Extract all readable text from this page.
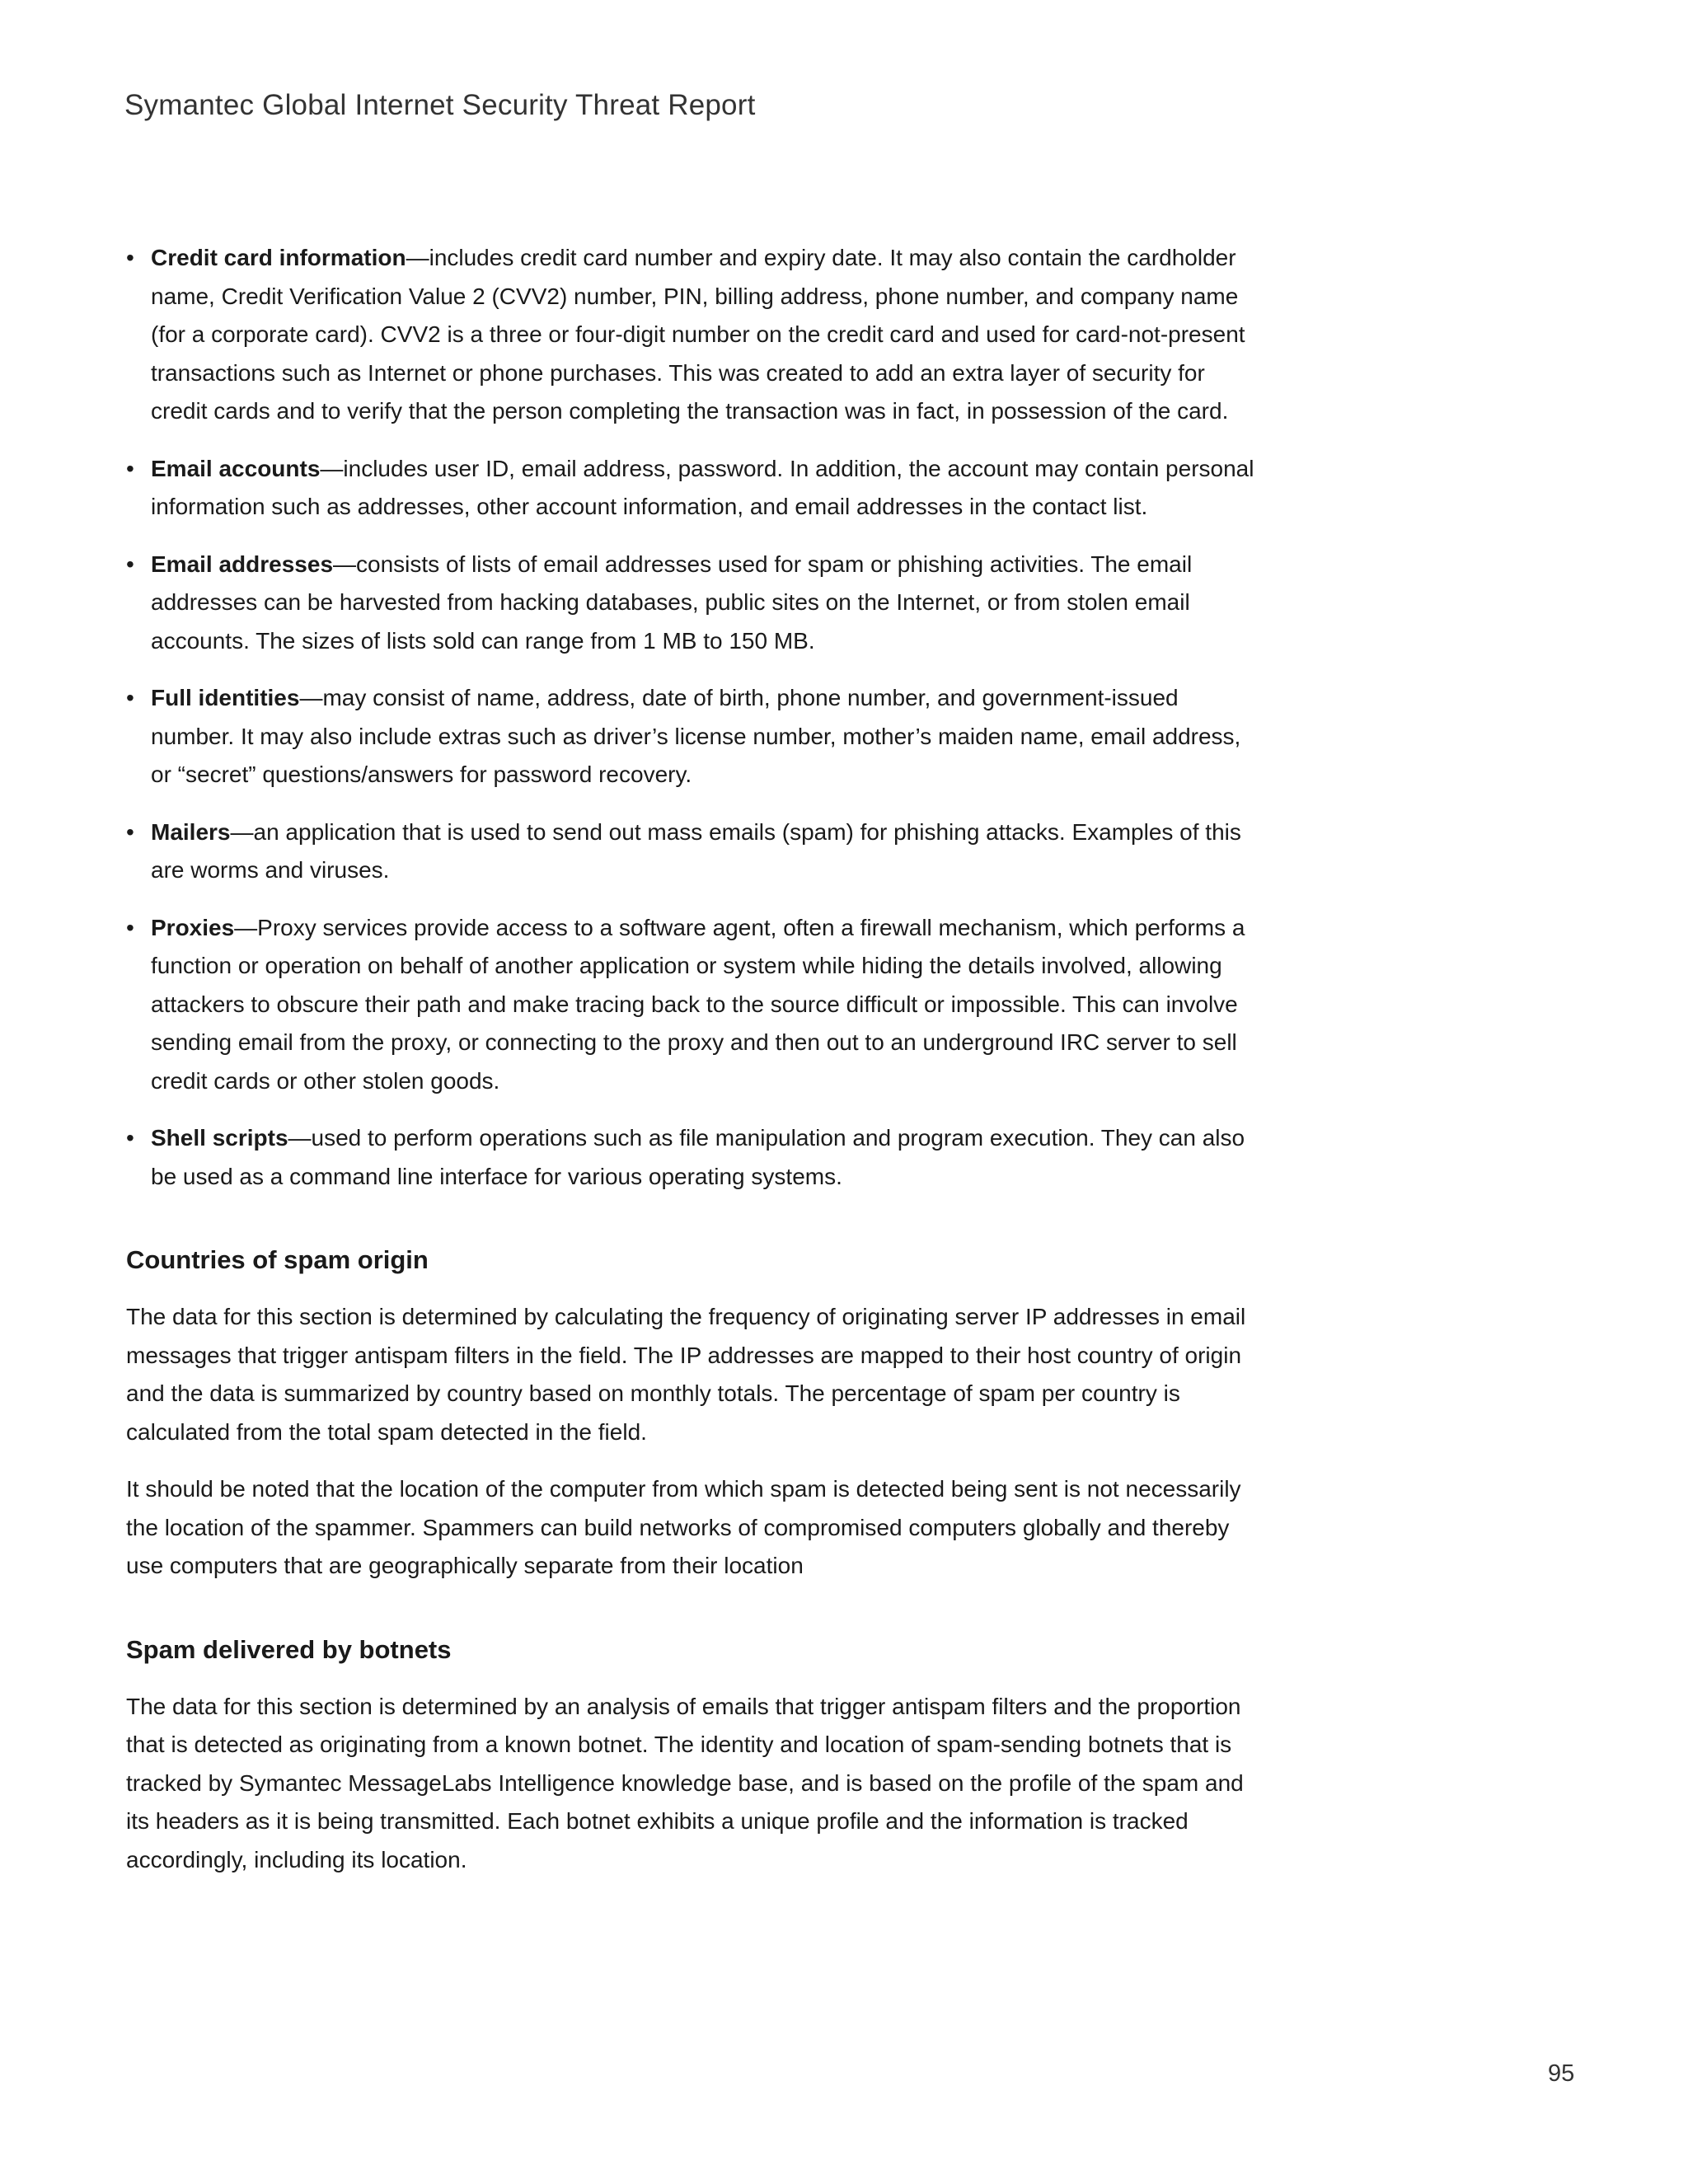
Symantec Global Internet Security Threat Report
• Credit card information—includes credit card number and expiry date. It may also contain the cardholder name, Credit Verification Value 2 (CVV2) number, PIN, billing address, phone number, and company name (for a corporate card). CVV2 is a three or four-digit number on the credit card and used for card-not-present transactions such as Internet or phone purchases. This was created to add an extra layer of security for credit cards and to verify that the person completing the transaction was in fact, in possession of the card.
• Email accounts—includes user ID, email address, password. In addition, the account may contain personal information such as addresses, other account information, and email addresses in the contact list.
• Email addresses—consists of lists of email addresses used for spam or phishing activities. The email addresses can be harvested from hacking databases, public sites on the Internet, or from stolen email accounts. The sizes of lists sold can range from 1 MB to 150 MB.
• Full identities—may consist of name, address, date of birth, phone number, and government-issued number. It may also include extras such as driver’s license number, mother’s maiden name, email address, or “secret” questions/answers for password recovery.
• Mailers—an application that is used to send out mass emails (spam) for phishing attacks. Examples of this are worms and viruses.
• Proxies—Proxy services provide access to a software agent, often a firewall mechanism, which performs a function or operation on behalf of another application or system while hiding the details involved, allowing attackers to obscure their path and make tracing back to the source difficult or impossible. This can involve sending email from the proxy, or connecting to the proxy and then out to an underground IRC server to sell credit cards or other stolen goods.
• Shell scripts—used to perform operations such as file manipulation and program execution. They can also be used as a command line interface for various operating systems.
Countries of spam origin

The data for this section is determined by calculating the frequency of originating server IP addresses in email messages that trigger antispam filters in the field. The IP addresses are mapped to their host country of origin and the data is summarized by country based on monthly totals. The percentage of spam per country is calculated from the total spam detected in the field.

It should be noted that the location of the computer from which spam is detected being sent is not necessarily the location of the spammer. Spammers can build networks of compromised computers globally and thereby use computers that are geographically separate from their location

Spam delivered by botnets

The data for this section is determined by an analysis of emails that trigger antispam filters and the proportion that is detected as originating from a known botnet. The identity and location of spam-sending botnets that is tracked by Symantec MessageLabs Intelligence knowledge base, and is based on the profile of the spam and its headers as it is being transmitted. Each botnet exhibits a unique profile and the information is tracked accordingly, including its location.

95
